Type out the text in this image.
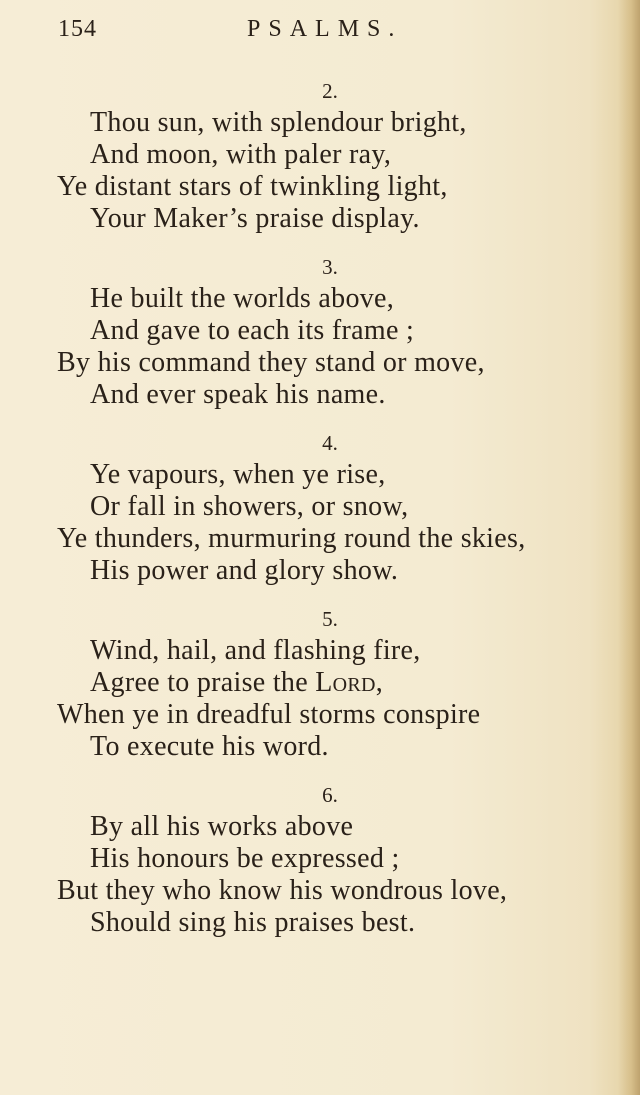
154	PSALMS.
2.
Thou sun, with splendour bright,
And moon, with paler ray,
Ye distant stars of twinkling light,
Your Maker’s praise display.
3.
He built the worlds above,
And gave to each its frame ;
By his command they stand or move,
And ever speak his name.
4.
Ye vapours, when ye rise,
Or fall in showers, or snow,
Ye thunders, murmuring round the skies,
His power and glory show.
5.
Wind, hail, and flashing fire,
Agree to praise the Lord,
When ye in dreadful storms conspire
To execute his word.
6.
By all his works above
His honours be expressed ;
But they who know his wondrous love,
Should sing his praises best.
